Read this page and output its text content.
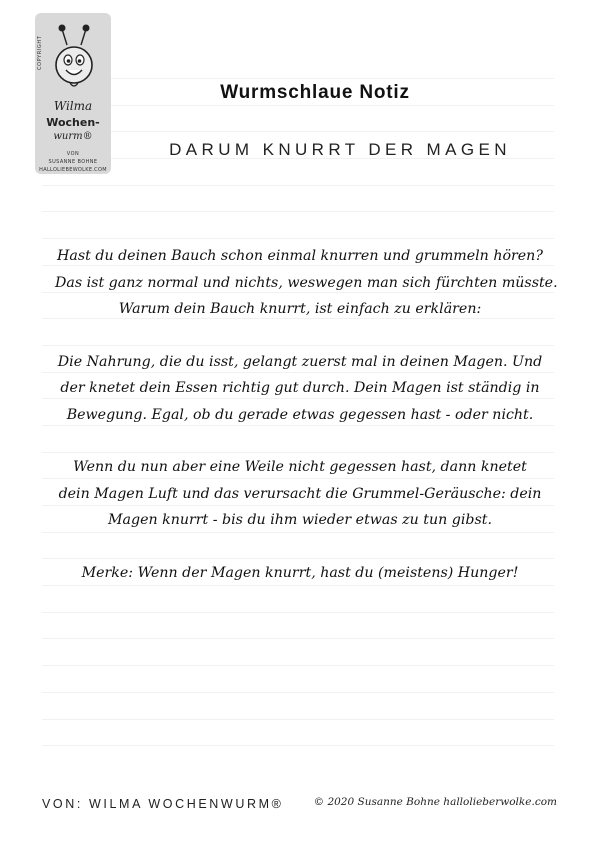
COPYRIGHT
Wilma
Wochen-
wurm®
VON
SUSANNE BOHNE
HALLOLIEBEWOLKE.COM
Wurmschlaue Notiz
DARUM KNURRT DER MAGEN
Hast du deinen Bauch schon einmal knurren und grummeln hören?
Das ist ganz normal und nichts, weswegen man sich fürchten müsste.
Warum dein Bauch knurrt, ist einfach zu erklären:
Die Nahrung, die du isst, gelangt zuerst mal in deinen Magen. Und
der knetet dein Essen richtig gut durch. Dein Magen ist ständig in
Bewegung. Egal, ob du gerade etwas gegessen hast - oder nicht.
Wenn du nun aber eine Weile nicht gegessen hast, dann knetet
dein Magen Luft und das verursacht die Grummel-Geräusche: dein
Magen knurrt - bis du ihm wieder etwas zu tun gibst.
Merke: Wenn der Magen knurrt, hast du (meistens) Hunger!
VON: WILMA WOCHENWURM®	© 2020 Susanne Bohne hallolieberwolke.com
